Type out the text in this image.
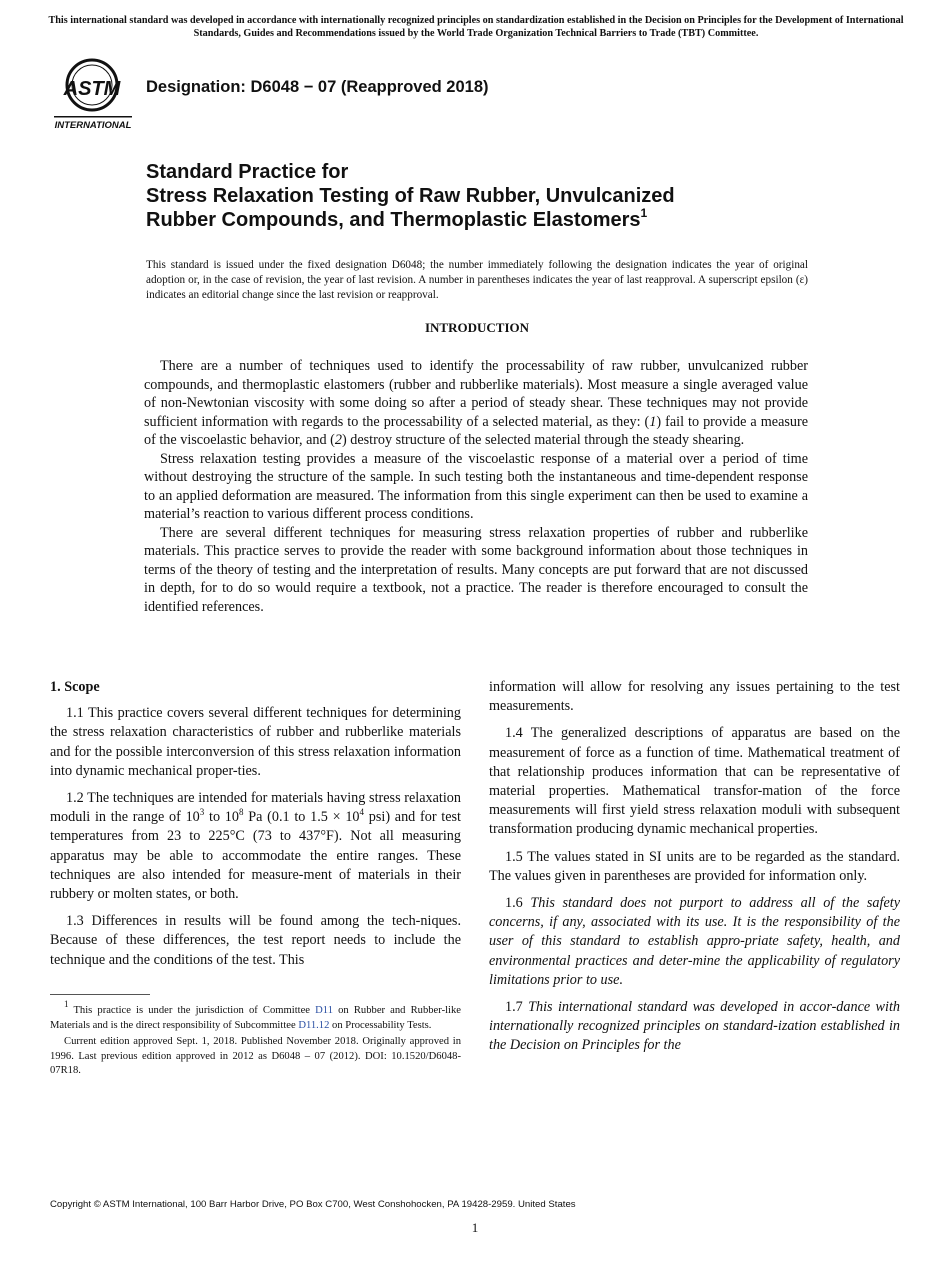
This international standard was developed in accordance with internationally recognized principles on standardization established in the Decision on Principles for the Development of International Standards, Guides and Recommendations issued by the World Trade Organization Technical Barriers to Trade (TBT) Committee.
ASTM
INTERNATIONAL
Designation: D6048 − 07 (Reapproved 2018)
Standard Practice for
Stress Relaxation Testing of Raw Rubber, Unvulcanized
Rubber Compounds, and Thermoplastic Elastomers$^1$
This standard is issued under the fixed designation D6048; the number immediately following the designation indicates the year of original adoption or, in the case of revision, the year of last revision. A number in parentheses indicates the year of last reapproval. A superscript epsilon (ε) indicates an editorial change since the last revision or reapproval.
INTRODUCTION

There are a number of techniques used to identify the processability of raw rubber, unvulcanized rubber compounds, and thermoplastic elastomers (rubber and rubberlike materials). Most measure a single averaged value of non-Newtonian viscosity with some doing so after a period of steady shear. These techniques may not provide sufficient information with regards to the processability of a selected material, as they: (1) fail to provide a measure of the viscoelastic behavior, and (2) destroy structure of the selected material through the steady shearing.

Stress relaxation testing provides a measure of the viscoelastic response of a material over a period of time without destroying the structure of the sample. In such testing both the instantaneous and time-dependent response to an applied deformation are measured. The information from this single experiment can then be used to examine a material’s reaction to various different process conditions.

There are several different techniques for measuring stress relaxation properties of rubber and rubberlike materials. This practice serves to provide the reader with some background information about those techniques in terms of the theory of testing and the interpretation of results. Many concepts are put forward that are not discussed in depth, for to do so would require a textbook, not a practice. The reader is therefore encouraged to consult the identified references.

1. Scope

1.1 This practice covers several different techniques for determining the stress relaxation characteristics of rubber and rubberlike materials and for the possible interconversion of this stress relaxation information into dynamic mechanical proper-ties.

1.2 The techniques are intended for materials having stress relaxation moduli in the range of $10^3$ to $10^8$ Pa (0.1 to $1.5 \times 10^4$ psi) and for test temperatures from 23 to 225°C (73 to 437°F). Not all measuring apparatus may be able to accommodate the entire ranges. These techniques are also intended for measure-ment of materials in their rubbery or molten states, or both.

1.3 Differences in results will be found among the tech-niques. Because of these differences, the test report needs to include the technique and the conditions of the test. This

information will allow for resolving any issues pertaining to the test measurements.

1.4 The generalized descriptions of apparatus are based on the measurement of force as a function of time. Mathematical treatment of that relationship produces information that can be representative of material properties. Mathematical transfor-mation of the force measurements will first yield stress relaxation moduli with subsequent transformation producing dynamic mechanical properties.

1.5 The values stated in SI units are to be regarded as the standard. The values given in parentheses are provided for information only.

1.6 This standard does not purport to address all of the safety concerns, if any, associated with its use. It is the responsibility of the user of this standard to establish appro-priate safety, health, and environmental practices and deter-mine the applicability of regulatory limitations prior to use.

1.7 This international standard was developed in accor-dance with internationally recognized principles on standard-ization established in the Decision on Principles for the

$^1$ This practice is under the jurisdiction of Committee D11 on Rubber and Rubber-like Materials and is the direct responsibility of Subcommittee D11.12 on Processability Tests.

Current edition approved Sept. 1, 2018. Published November 2018. Originally approved in 1996. Last previous edition approved in 2012 as D6048 – 07 (2012). DOI: 10.1520/D6048-07R18.

Copyright © ASTM International, 100 Barr Harbor Drive, PO Box C700, West Conshohocken, PA 19428-2959. United States
1
